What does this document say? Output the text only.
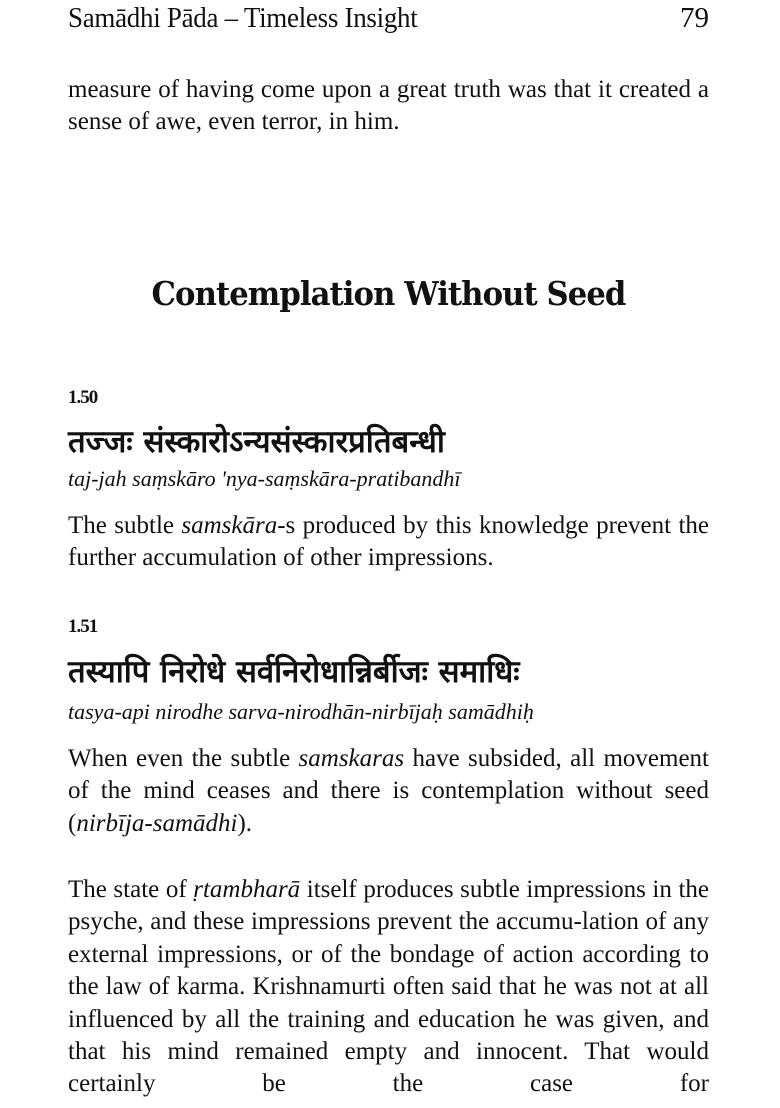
Samādhi Pāda – Timeless Insight	79

measure of having come upon a great truth was that it created a sense of awe, even terror, in him.

Contemplation Without Seed
1.50
तज्जः संस्कारोऽन्यसंस्कारप्रतिबन्धी
taj-jah saṃskāro 'nya-saṃskāra-pratibandhī

The subtle samskāra-s produced by this knowledge prevent the further accumulation of other impressions.

1.51
तस्यापि निरोधे सर्वनिरोधान्निर्बीजः समाधिः
tasya-api nirodhe sarva-nirodhān-nirbījaḥ samādhiḥ

When even the subtle samskaras have subsided, all movement of the mind ceases and there is contemplation without seed (nirbīja-samādhi).

The state of ṛtambharā itself produces subtle impressions in the psyche, and these impressions prevent the accumu-lation of any external impressions, or of the bondage of action according to the law of karma. Krishnamurti often said that he was not at all influenced by all the training and education he was given, and that his mind remained empty and innocent. That would certainly be the case for
